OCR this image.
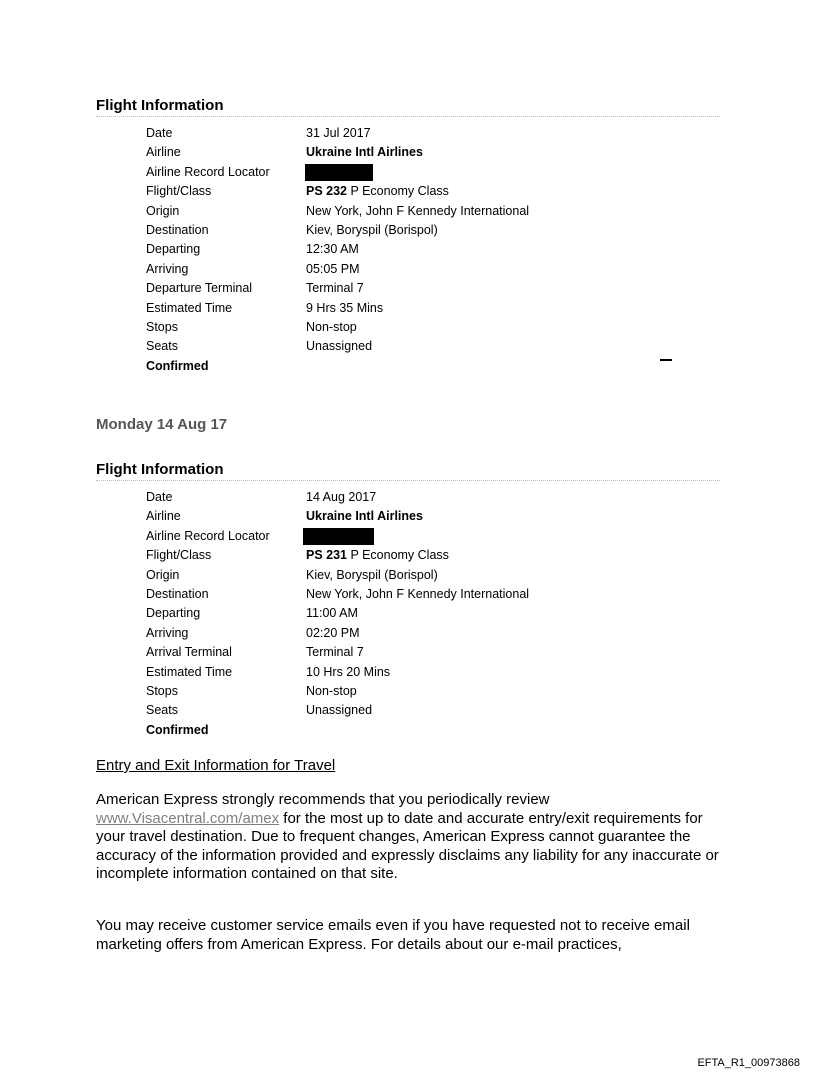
Flight Information
Date	31 Jul 2017
Airline	Ukraine Intl Airlines
Airline Record Locator
Flight/Class	PS 232 P Economy Class
Origin	New York, John F Kennedy International
Destination	Kiev, Boryspil (Borispol)
Departing	12:30 AM
Arriving	05:05 PM
Departure Terminal	Terminal 7
Estimated Time	9 Hrs 35 Mins
Stops	Non-stop
Seats	Unassigned
Confirmed
Monday 14 Aug 17
Flight Information
Date	14 Aug 2017
Airline	Ukraine Intl Airlines
Airline Record Locator
Flight/Class	PS 231 P Economy Class
Origin	Kiev, Boryspil (Borispol)
Destination	New York, John F Kennedy International
Departing	11:00 AM
Arriving	02:20 PM
Arrival Terminal	Terminal 7
Estimated Time	10 Hrs 20 Mins
Stops	Non-stop
Seats	Unassigned
Confirmed
Entry and Exit Information for Travel
American Express strongly recommends that you periodically review www.Visacentral.com/amex for the most up to date and accurate entry/exit requirements for your travel destination. Due to frequent changes, American Express cannot guarantee the accuracy of the information provided and expressly disclaims any liability for any inaccurate or incomplete information contained on that site.
You may receive customer service emails even if you have requested not to receive email marketing offers from American Express. For details about our e-mail practices,
EFTA_R1_00973868
